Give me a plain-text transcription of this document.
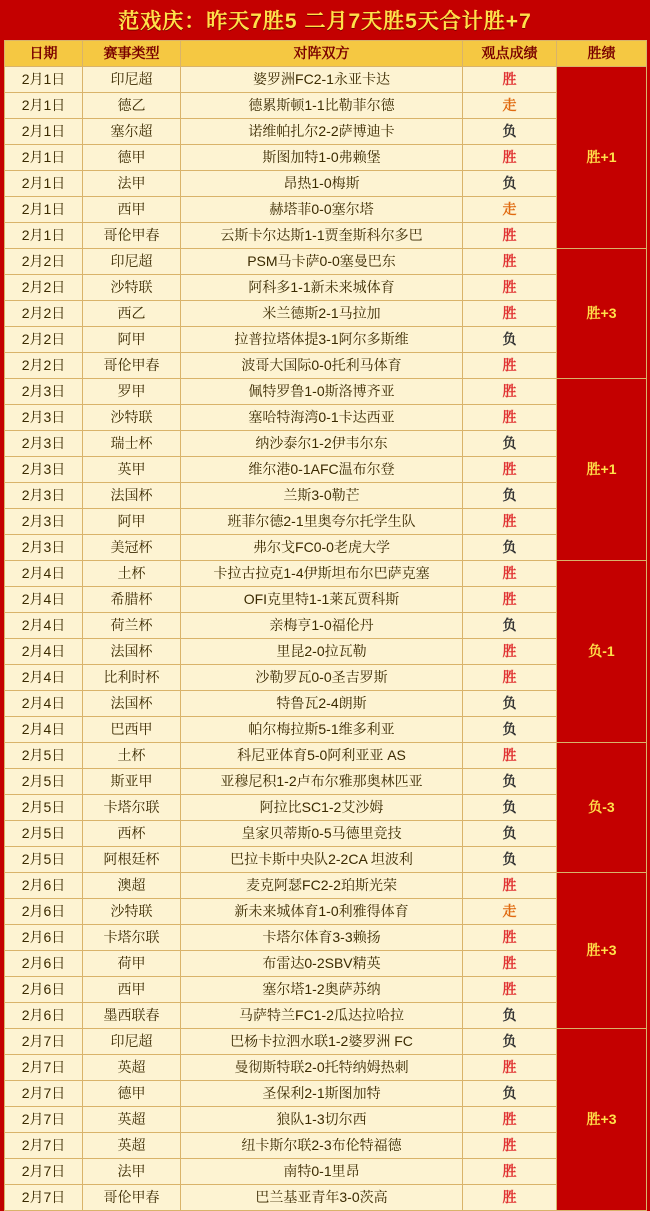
范戏庆：昨天7胜5 二月7天胜5天合计胜+7
日期	赛事类型	对阵双方	观点成绩	胜绩
2月1日	印尼超	婆罗洲FC2-1永亚卡达	胜	胜+1
2月1日	德乙	德累斯顿1-1比勒菲尔德	走	
2月1日	塞尔超	诺维帕扎尔2-2萨博迪卡	负	
2月1日	德甲	斯图加特1-0弗赖堡	胜	
2月1日	法甲	昂热1-0梅斯	负	
2月1日	西甲	赫塔菲0-0塞尔塔	走	
2月1日	哥伦甲春	云斯卡尔达斯1-1贾奎斯科尔多巴	胜	
2月2日	印尼超	PSM马卡萨0-0塞曼巴东	胜	胜+3
2月2日	沙特联	阿科多1-1新未来城体育	胜	
2月2日	西乙	米兰德斯2-1马拉加	胜	
2月2日	阿甲	拉普拉塔体提3-1阿尔多斯维	负	
2月2日	哥伦甲春	波哥大国际0-0托利马体育	胜	
2月3日	罗甲	佩特罗鲁1-0斯洛博齐亚	胜	胜+1
2月3日	沙特联	塞哈特海湾0-1卡达西亚	胜	
2月3日	瑞士杯	纳沙泰尔1-2伊韦尔东	负	
2月3日	英甲	维尔港0-1AFC温布尔登	胜	
2月3日	法国杯	兰斯3-0勒芒	负	
2月3日	阿甲	班菲尔德2-1里奥夸尔托学生队	胜	
2月3日	美冠杯	弗尔戈FC0-0老虎大学	负	
2月4日	土杯	卡拉古拉克1-4伊斯坦布尔巴萨克塞	胜	负-1
2月4日	希腊杯	OFI克里特1-1莱瓦贾科斯	胜	
2月4日	荷兰杯	亲梅亨1-0福伦丹	负	
2月4日	法国杯	里昆2-0拉瓦勒	胜	
2月4日	比利时杯	沙勒罗瓦0-0圣吉罗斯	胜	
2月4日	法国杯	特鲁瓦2-4朗斯	负	
2月4日	巴西甲	帕尔梅拉斯5-1维多利亚	负	
2月5日	土杯	科尼亚体育5-0阿利亚亚 AS	胜	负-3
2月5日	斯亚甲	亚穆尼积1-2卢布尔雅那奥林匹亚	负	
2月5日	卡塔尔联	阿拉比SC1-2艾沙姆	负	
2月5日	西杯	皇家贝蒂斯0-5马德里竞技	负	
2月5日	阿根廷杯	巴拉卡斯中央队2-2CA 坦波利	负	
2月6日	澳超	麦克阿瑟FC2-2珀斯光荣	胜	胜+3
2月6日	沙特联	新未来城体育1-0利雅得体育	走	
2月6日	卡塔尔联	卡塔尔体育3-3赖扬	胜	
2月6日	荷甲	布雷达0-2SBV精英	胜	
2月6日	西甲	塞尔塔1-2奥萨苏纳	胜	
2月6日	墨西联春	马萨特兰FC1-2瓜达拉哈拉	负	
2月7日	印尼超	巴杨卡拉泗水联1-2婆罗洲 FC	负	胜+3
2月7日	英超	曼彻斯特联2-0托特纳姆热刺	胜	
2月7日	德甲	圣保利2-1斯图加特	负	
2月7日	英超	狼队1-3切尔西	胜	
2月7日	英超	纽卡斯尔联2-3布伦特福德	胜	
2月7日	法甲	南特0-1里昂	胜	
2月7日	哥伦甲春	巴兰基亚青年3-0茨高	胜	
